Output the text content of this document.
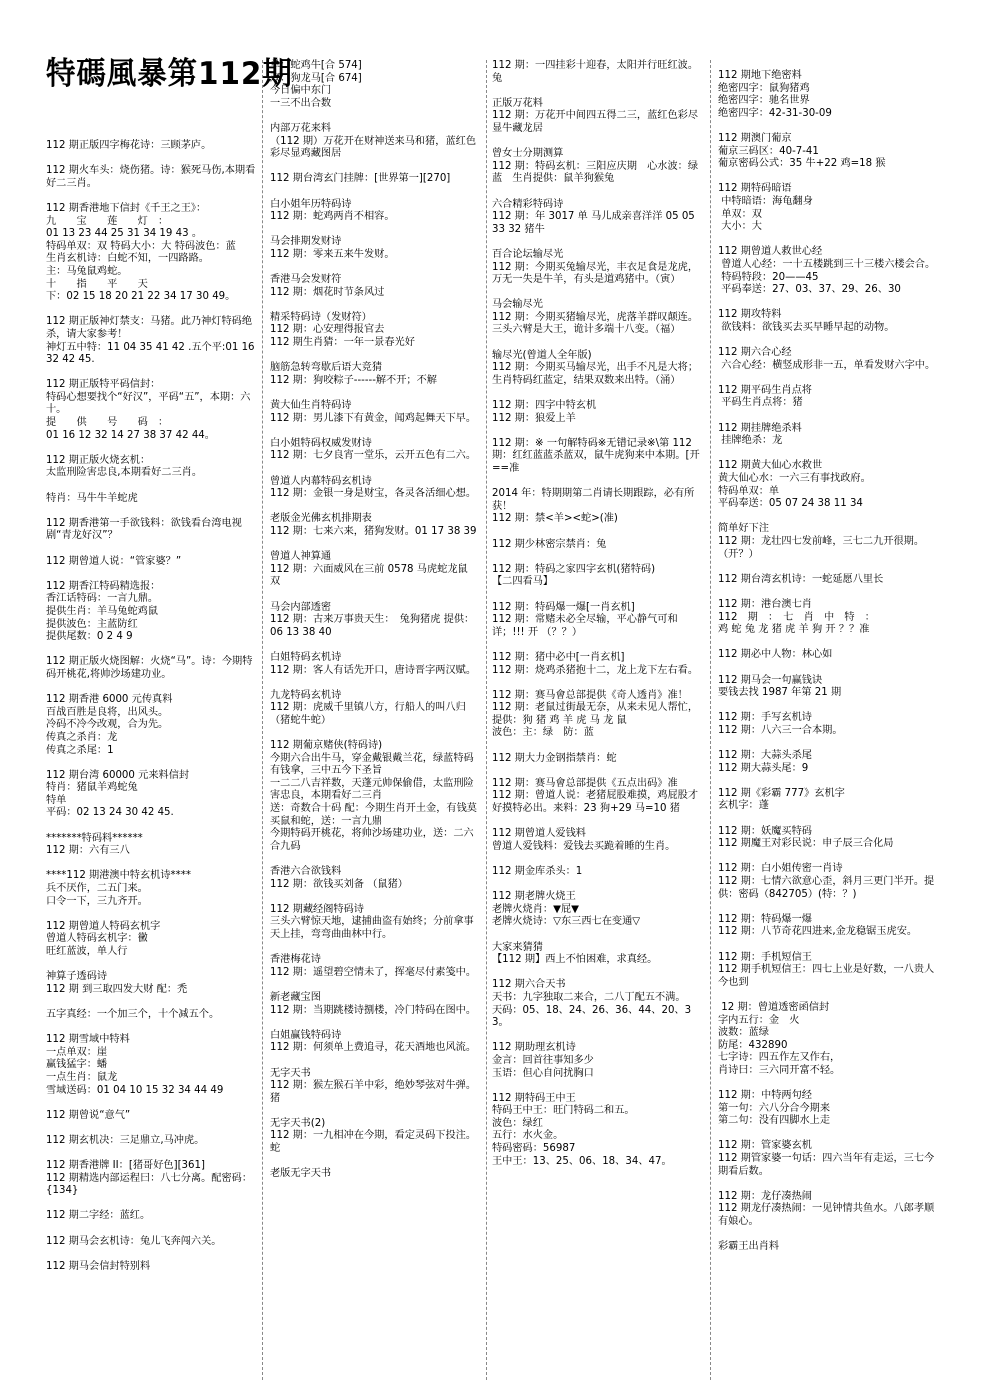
特碼風暴第112期
112 期正版四字梅花诗：三顾茅庐。
112 期火车头：烧伤猪。诗：猴死马伤,本期看好二三肖。
112 期香港地下信封《千王之王》：
九　　宝　　莲　　灯　：
01 13 23 44 25 31 34 19 43 。
特码单双：双 特码大小：大 特码波色：蓝
生肖玄机诗：白蛇不知，一四路路。
主：马兔鼠鸡蛇。
十　　指　　平　　天
下：02 15 18 20 21 22 34 17 30 49。
112 期正版神灯禁支：马猪。此乃神灯特码绝杀，请大家参考！
神灯五中特：11 04 35 41 42 .五个平:01 16 32 42 45.
112 期正版特平码信封：
特码心想要找个“好汉”，平码“五”，本期：六十。
提　　供　　号　　码　：
01 16 12 32 14 27 38 37 42 44。
112 期正版火烧玄机：
太监刑险害忠良,本期看好二三肖。
特肖：马牛牛羊蛇虎
112 期香港第一手欲钱料：欲钱看台湾电视剧“青龙好汉”？
112 期曾道人说：“管家婆？”
112 期香江特码精选报：
香江话特码：一言九鼎。
提供生肖：羊马兔蛇鸡鼠
提供波色：主蓝防红
提供尾数：0 2 4 9
112 期正版火烧图解：火烧“马”。诗：今期特码开桃花,将帅沙场建功业。
112 期香港 6000 元传真料
百战百胜是良将，出风头。
冷码不冷今改观，合为先。
传真之杀肖：龙
传真之杀尾：1
112 期台湾 60000 元来料信封
特肖：猪鼠羊鸡蛇兔
特单
平码：02 13 24 30 42 45.
*******特码料******
112 期：六有三八
****112 期港澳中特玄机诗****
兵不厌作，二五门来。
口令一下，三九齐开。
112 期曾道人特码玄机字
曾道人特码玄机字：黴
旺红蓝波，单人行
神算子透码诗
112 期 到三取四发大财 配：禿
五字真经：一个加三个，十个减五个。
112 期雪域中特料
一点单双：崖
赢钱猛字：蟠
一点生肖：鼠龙
雪域送码：01 04 10 15 32 34 44 49
112 期曾说“意气”
112 期玄机决：三足鼎立,马冲虎。
112 期香港牌 II：[猪哥好色][361]
112 期精选内部运程曰：八七分离。配密码：{134}
112 期二字经：蓝红。
112 期马会玄机诗：兔儿飞奔闯六关。
112 期马会信封特别料
单：蛇鸡牛[合 574]
双：狗龙马[合 674]
今日偏中东门
一三不出合数
内部万花来料
（112 期）万花开在财神送来马和猪，蓝红色彩尽显鸡藏图居
112 期台湾玄门挂牌：[世界第一][270]
白小姐年历特码诗
112 期：蛇鸡两肖不相容。
马会排期发财诗
112 期：零来五来牛发财。
香港马会发财符
112 期：烟花时节条风过
精采特码诗（发财符）
112 期：心安理得报官去
112 期生肖猜：一年一景春光好
脑筋急转弯歇后语大竞猜
112 期：狗咬粽子------解不开；不解
黄大仙生肖特码诗
112 期：男儿漆下有黄金，闻鸡起舞天下早。
白小姐特码权威发财诗
112 期：七夕良宵一堂乐，云开五色有二六。
曾道人内幕特码玄机诗
112 期：金银一身是财宝，各灵各活细心想。
老版金光佛玄机排期表
112 期：七来六来，猪狗发财。01 17 38 39
曾道人神算通
112 期：六面威风在三前 0578 马虎蛇龙鼠 双
马会内部透密
112 期：古来万事贵天生：　兔狗猪虎 提供：06 13 38 40
白姐特码玄机诗
112 期：客人有话先开口，唐诗晋字两汉赋。
九龙特码玄机诗
112 期：虎威千里镇八方，行船人的叫八归（猪蛇牛蛇）
112 期葡京赌侠(特码诗)
今期六合出牛马，穿金戴银戴兰花，绿蓝特码有钱拿，三中五今下圣旨
一二二八吉祥数，天蓬元帅保偷借，太监刑险害忠良，本期看好二三肖
送：奇数合十码 配：今期生肖开土金，有钱莫买鼠和蛇，送：一言九鼎
今期特码开桃花，将帅沙场建功业，送：二六合九码
香港六合欲钱料
112 期：欲钱买刘备 （鼠猪）
112 期藏经阁特码诗
三头六臂惊天地，逮捕曲盗有始终；分前拿事天上挂，弯弯曲曲林中行。
香港梅花诗
112 期：遥望碧空情未了，挥毫尽付素笺中。
新老藏宝图
112 期：当期跳楼诗捌楼，冷门特码在图中。
白姐赢钱特码诗
112 期：何须单上费追寻，花天酒地也风流。
无字天书
112 期：猴左猴石羊中彩，绝妙琴弦对牛弹。　猪
无字天书(2)
112 期：一九相冲在今期，看定灵码下投注。蛇
老版无字天书
112 期：一四挂彩十迎春，太阳并行旺红波。兔
正版万花料
112 期：万花开中间四五得二三，蓝红色彩尽显牛藏龙居
曾女士分期测算
112 期：特码玄机：三阳应庆期　心水波：绿蓝　生肖提供：鼠羊狗猴兔
六合精彩特码诗
112 期：年 3017 单 马儿成亲喜洋洋 05 05 33 32 猪牛
百合论坛输尽光
112 期：今期买兔输尽光，丰衣足食是龙虎，万无一失是牛羊，有头是道鸡猪中。（寅）
马会输尽光
112 期：今期买猪输尽光，虎落羊群叹颠连。三头六臂是大王，诡计多端十八变。（福）
输尽光(曾道人全年版)
112 期：今期买马输尽光，出手不凡是大将；生肖特码红蓝定，结果双数来出特。（涌）
112 期：四字中特玄机
112 期：狼爱上羊
112 期：※ 一句解特码※无错记录※\第 112 期：红红蓝蓝杀蓝双，鼠牛虎狗来中本期。[开==准
2014 年：特期期第二肖请长期跟踪，必有所获！
112 期：禁<羊><蛇>(准)
112 期少林密宗禁肖：兔
112 期：特码之家四字玄机(猪特码)
【二四看马】
112 期：特码爆一爆[一肖玄机]
112 期：常赌未必全尽输，平心静气可和详；!!! 开 （？？）
112 期：猪中必中[一肖玄机]
112 期：烧鸡杀猪抱十二，龙上龙下左右看。
112 期：赛马會总部提供《奇人透肖》准！
112 期：老鼠过街最无奈，从来未见人帮忙，
提供：狗 猪 鸡 羊 虎 马 龙 鼠
波色：主：绿　防：蓝
112 期大力金钢指禁肖：蛇
112 期：赛马會总部提供《五点出码》准
112 期：曾道人说：老猪屁股难摸，鸡屁股才好摸特必出。来料：23 狗+29 马=10 猪
112 期曾道人爱钱料
曾道人爱钱料：爱钱去买跪着睡的生肖。
112 期金库杀头：1
112 期老牌火烧王
老牌火烧肖：▼屁▼
老牌火烧诗：▽东三西七在变通▽
大家来猜猜
【112 期】西上不怕困难，求真经。
112 期六合天书
天书：九字独取二来合，二八丁配五不满。
天码：05、18、24、26、36、44、20、33。
112 期助理玄机诗
金言：回首往事知多少
玉语：但心自问扰胸口
112 期特码王中王
特码王中王：旺门特码二和五。
波色：绿红
五行：水火金。
特码密码：56987
王中王：13、25、06、18、34、47。
112 期地下绝密料
绝密四字：鼠狗猪鸡
绝密四字：驰名世界
绝密四字：42-31-30-09
112 期澳门葡京
葡京三码区：40-7-41
葡京密码公式：35 牛+22 鸡=18 猴
112 期特码暗语
中特暗语：海龟翻身
单双：双
大小：大
112 期曾道人救世心经
曾道人心经：一十五楼跳到三十三楼六楼会合。
特码特段：20——45
平码奉送：27、03、37、29、26、30
112 期攻特料
欲钱料：欲钱买去买早睡早起的动物。
112 期六合心经
六合心经：横竖成形非一五，单看发财六字中。
112 期平码生肖点将
平码生肖点将：猪
112 期挂牌绝杀料
挂牌绝杀：龙
112 期黄大仙心水救世
黄大仙心水：一六三有事找政府。
特码单双：单
平码奉送：05 07 24 38 11 34
简单好下注
112 期：龙壮四七发前峰，三七二九开很期。（开？）
112 期台湾玄机诗：一蛇延愿八里长
112 期：港台澳七肖
112　期　：　七　肖　中　特　：
鸡 蛇 兔 龙 猪 虎 羊 狗 开 ？？准
112 期必中人物：林心如
112 期马会一句赢钱诀
要钱去找 1987 年第 21 期
112 期：手写玄机诗
112 期：八六三一合本期。
112 期：大蒜头杀尾
112 期大蒜头尾：9
112 期《彩霸 777》玄机字
玄机字：蓬
112 期：妖魔买特码
112 期魔王对彩民说：申子辰三合化局
112 期：白小姐传密一肖诗
112 期：七情六欲意心歪，斜月三更门半开。提供：密码（842705）(特：？)
112 期：特码爆一爆
112 期：八节奇花四进来,金龙稳锯玉虎安。
112 期：手机短信王
112 期手机短信王：四七上业是好数，一八贵人今也到
12 期：曾道透密函信封
字内五行：金　火
波数：蓝绿
防尾：432890
七字诗：四五作左又作右，
肖诗曰：三六同开富不轻。
112 期：中特两句经
第一句：六八分合今期来
第二句：没有四脚水上走
112 期：管家婆玄机
112 期管家婆一句话：四六当年有走运，三七今期看后数。
112 期：龙仔凑热闹
112 期龙仔凑热闹：一见钟情共鱼水。八郎孝顺有娘心。
彩霸王出肖料
